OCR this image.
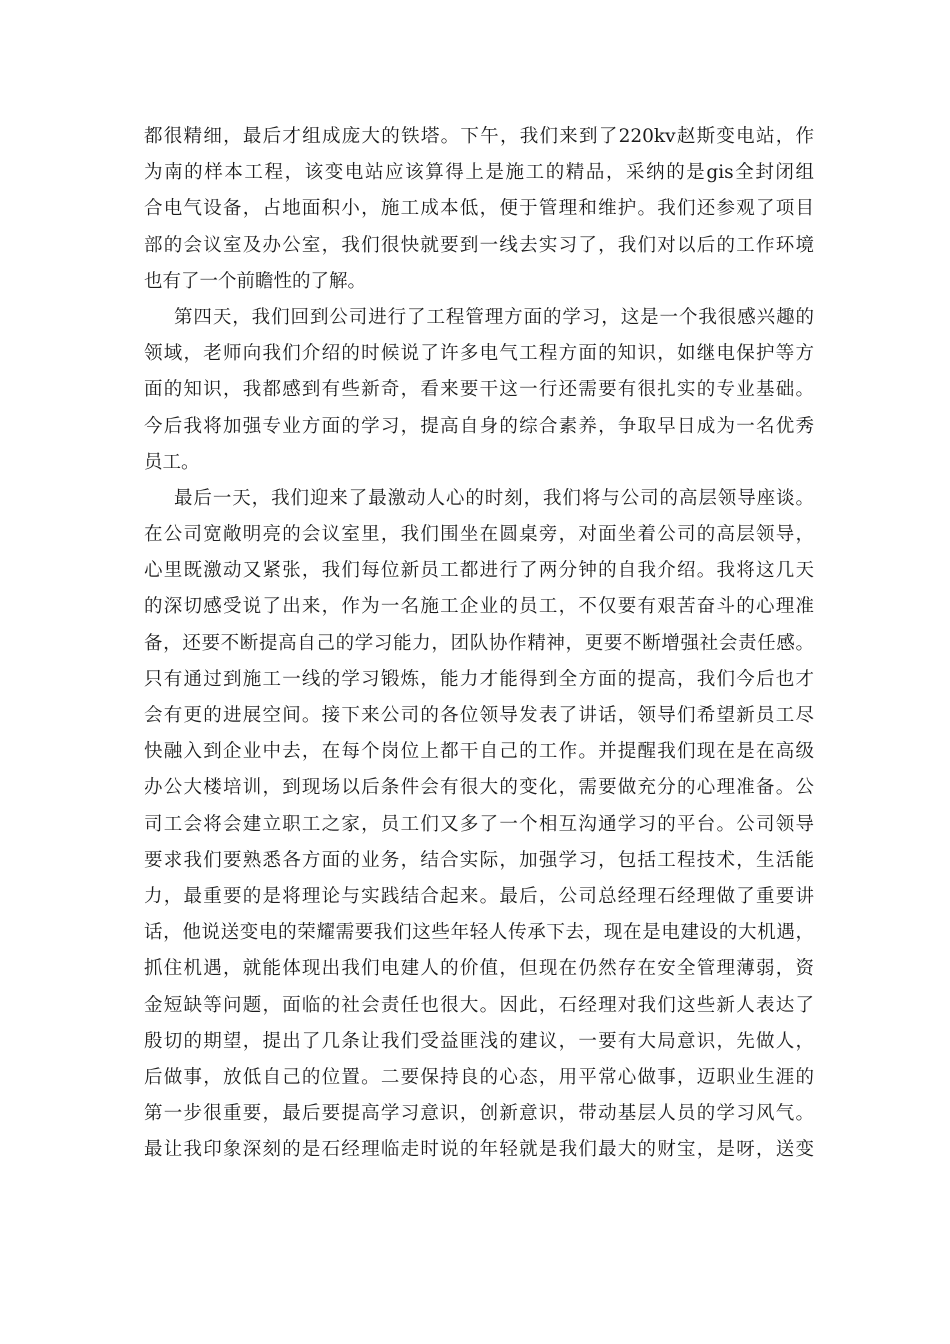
都很精细，最后才组成庞大的铁塔。下午，我们来到了220kv赵斯变电站，作
为南的样本工程，该变电站应该算得上是施工的精品，采纳的是gis全封闭组
合电气设备，占地面积小，施工成本低，便于管理和维护。我们还参观了项目
部的会议室及办公室，我们很快就要到一线去实习了，我们对以后的工作环境
也有了一个前瞻性的了解。
第四天，我们回到公司进行了工程管理方面的学习，这是一个我很感兴趣的
领域，老师向我们介绍的时候说了许多电气工程方面的知识，如继电保护等方
面的知识，我都感到有些新奇，看来要干这一行还需要有很扎实的专业基础。
今后我将加强专业方面的学习，提高自身的综合素养，争取早日成为一名优秀
员工。
最后一天，我们迎来了最激动人心的时刻，我们将与公司的高层领导座谈。
在公司宽敞明亮的会议室里，我们围坐在圆桌旁，对面坐着公司的高层领导，
心里既激动又紧张，我们每位新员工都进行了两分钟的自我介绍。我将这几天
的深切感受说了出来，作为一名施工企业的员工，不仅要有艰苦奋斗的心理准
备，还要不断提高自己的学习能力，团队协作精神，更要不断增强社会责任感。
只有通过到施工一线的学习锻炼，能力才能得到全方面的提高，我们今后也才
会有更的进展空间。接下来公司的各位领导发表了讲话，领导们希望新员工尽
快融入到企业中去，在每个岗位上都干自己的工作。并提醒我们现在是在高级
办公大楼培训，到现场以后条件会有很大的变化，需要做充分的心理准备。公
司工会将会建立职工之家，员工们又多了一个相互沟通学习的平台。公司领导
要求我们要熟悉各方面的业务，结合实际，加强学习，包括工程技术，生活能
力，最重要的是将理论与实践结合起来。最后，公司总经理石经理做了重要讲
话，他说送变电的荣耀需要我们这些年轻人传承下去，现在是电建设的大机遇，
抓住机遇，就能体现出我们电建人的价值，但现在仍然存在安全管理薄弱，资
金短缺等问题，面临的社会责任也很大。因此，石经理对我们这些新人表达了
殷切的期望，提出了几条让我们受益匪浅的建议，一要有大局意识，先做人，
后做事，放低自己的位置。二要保持良的心态，用平常心做事，迈职业生涯的
第一步很重要，最后要提高学习意识，创新意识，带动基层人员的学习风气。
最让我印象深刻的是石经理临走时说的年轻就是我们最大的财宝，是呀，送变
